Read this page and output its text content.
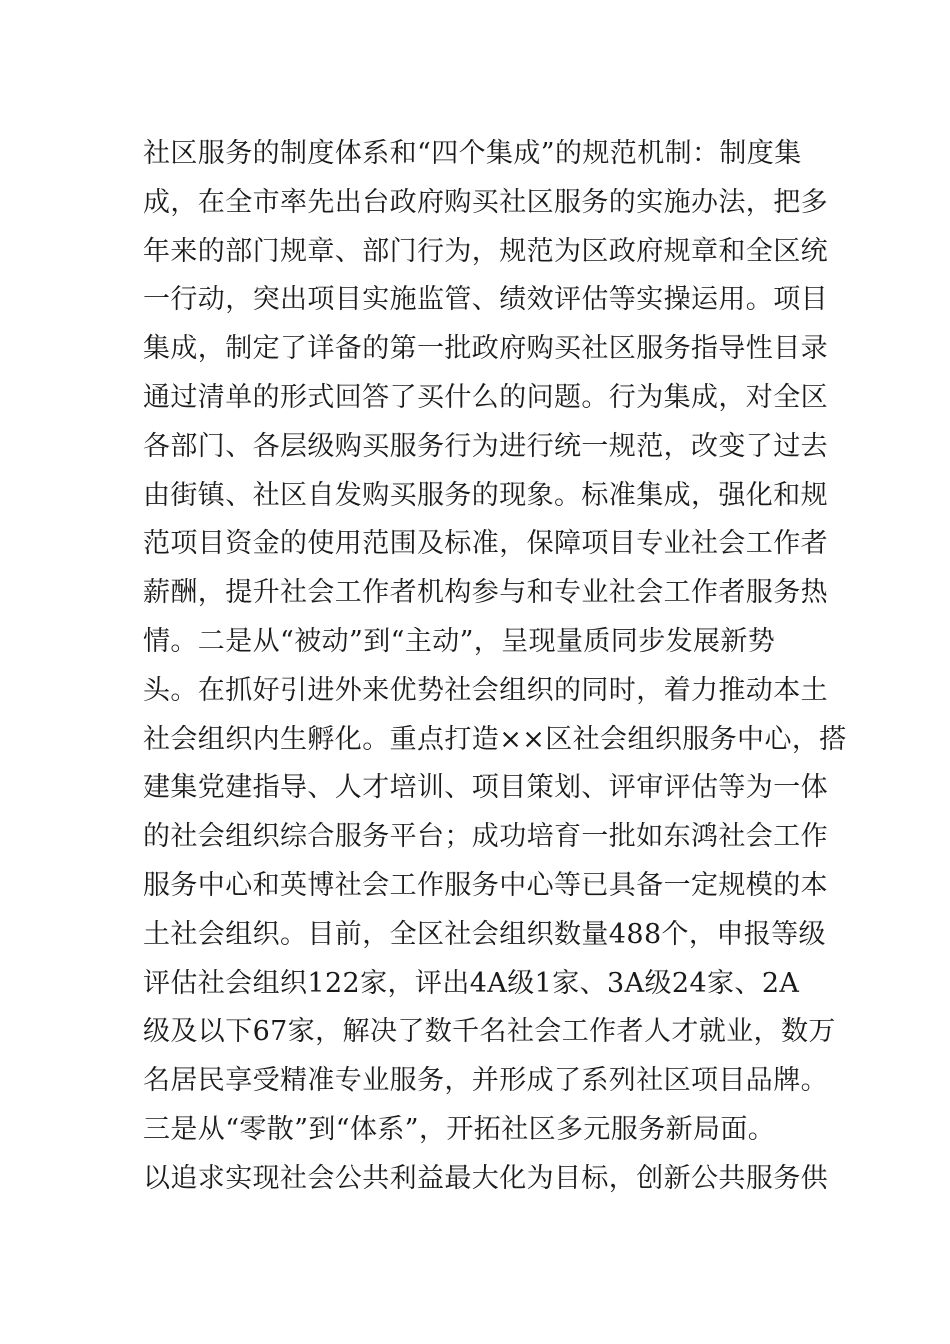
社区服务的制度体系和“四个集成”的规范机制：制度集
成，在全市率先出台政府购买社区服务的实施办法，把多
年来的部门规章、部门行为，规范为区政府规章和全区统
一行动，突出项目实施监管、绩效评估等实操运用。项目
集成，制定了详备的第一批政府购买社区服务指导性目录
通过清单的形式回答了买什么的问题。行为集成，对全区
各部门、各层级购买服务行为进行统一规范，改变了过去
由街镇、社区自发购买服务的现象。标准集成，强化和规
范项目资金的使用范围及标准，保障项目专业社会工作者
薪酬，提升社会工作者机构参与和专业社会工作者服务热
情。二是从“被动”到“主动”，呈现量质同步发展新势
头。在抓好引进外来优势社会组织的同时，着力推动本土
社会组织内生孵化。重点打造××区社会组织服务中心，搭
建集党建指导、人才培训、项目策划、评审评估等为一体
的社会组织综合服务平台；成功培育一批如东鸿社会工作
服务中心和英博社会工作服务中心等已具备一定规模的本
土社会组织。目前，全区社会组织数量488个，申报等级
评估社会组织122家，评出4A级1家、3A级24家、2A
级及以下67家，解决了数千名社会工作者人才就业，数万
名居民享受精准专业服务，并形成了系列社区项目品牌。
三是从“零散”到“体系”，开拓社区多元服务新局面。
以追求实现社会公共利益最大化为目标，创新公共服务供
